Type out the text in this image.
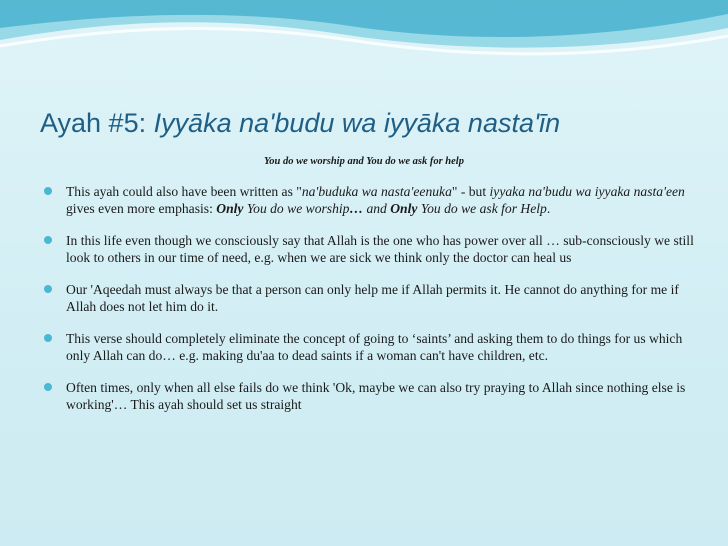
Ayah #5: Iyyāka na'budu wa iyyāka nasta'īn
You do we worship and You do we ask for help
This ayah could also have been written as "na'buduka wa nasta'eenuka" - but iyyaka na'budu wa iyyaka nasta'een gives even more emphasis: Only You do we worship… and Only You do we ask for Help.
In this life even though we consciously say that Allah is the one who has power over all … sub-consciously we still look to others in our time of need, e.g. when we are sick we think only the doctor can heal us
Our 'Aqeedah must always be that a person can only help me if Allah permits it. He cannot do anything for me if Allah does not let him do it.
This verse should completely eliminate the concept of going to ‘saints’ and asking them to do things for us which only Allah can do… e.g. making du'aa to dead saints if a woman can't have children, etc.
Often times, only when all else fails do we think 'Ok, maybe we can also try praying to Allah since nothing else is working'… This ayah should set us straight
